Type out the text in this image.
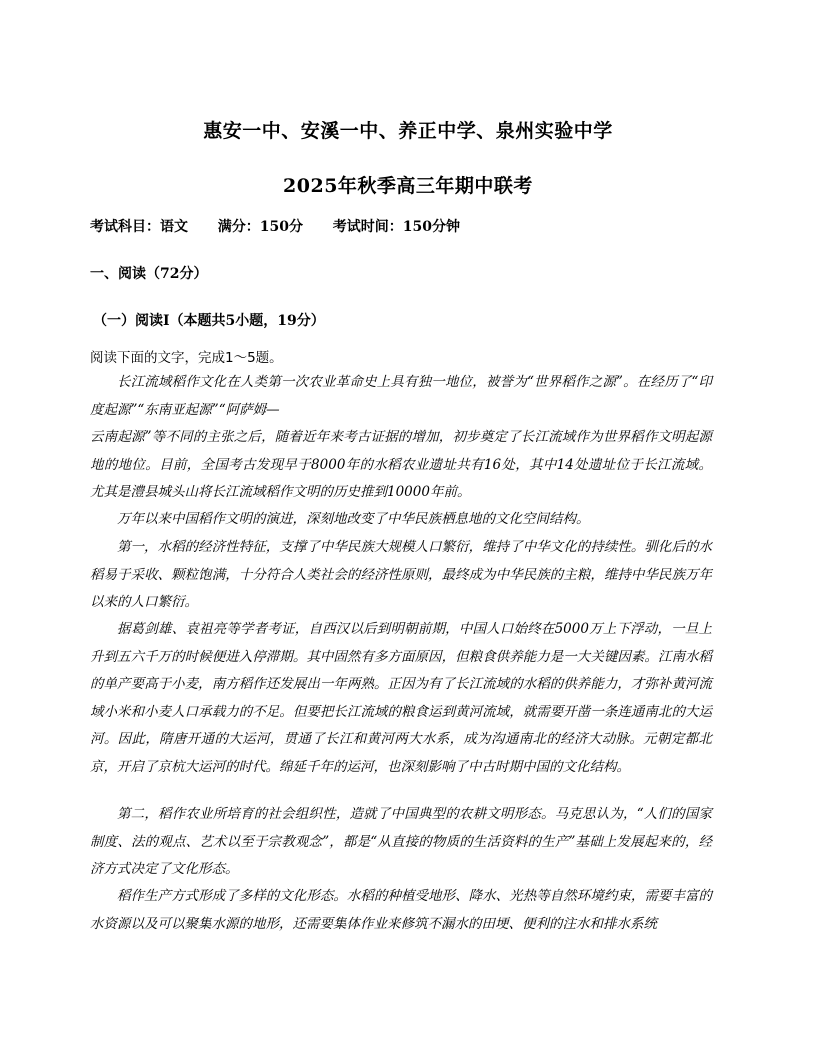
惠安一中、安溪一中、养正中学、泉州实验中学
2025年秋季高三年期中联考
考试科目：语文 满分：150分 考试时间：150分钟
一、阅读（72分）
（一）阅读I（本题共5小题，19分）
阅读下面的文字，完成1～5题。

长江流域稻作文化在人类第一次农业革命史上具有独一地位，被誉为“世界稻作之源”。在经历了“印度起源”“东南亚起源”“阿萨姆—

云南起源”等不同的主张之后，随着近年来考古证据的增加，初步奠定了长江流域作为世界稻作文明起源地的地位。目前，全国考古发现早于8000年的水稻农业遗址共有16处，其中14处遗址位于长江流域。尤其是澧县城头山将长江流域稻作文明的历史推到10000年前。

万年以来中国稻作文明的演进，深刻地改变了中华民族栖息地的文化空间结构。

第一，水稻的经济性特征，支撑了中华民族大规模人口繁衍，维持了中华文化的持续性。驯化后的水稻易于采收、颗粒饱满，十分符合人类社会的经济性原则，最终成为中华民族的主粮，维持中华民族万年以来的人口繁衍。

据葛剑雄、袁祖亮等学者考证，自西汉以后到明朝前期，中国人口始终在5000万上下浮动，一旦上升到五六千万的时候便进入停滞期。其中固然有多方面原因，但粮食供养能力是一大关键因素。江南水稻的单产要高于小麦，南方稻作还发展出一年两熟。正因为有了长江流域的水稻的供养能力，才弥补黄河流域小米和小麦人口承载力的不足。但要把长江流域的粮食运到黄河流域，就需要开凿一条连通南北的大运河。因此，隋唐开通的大运河，贯通了长江和黄河两大水系，成为沟通南北的经济大动脉。元朝定都北京，开启了京杭大运河的时代。绵延千年的运河，也深刻影响了中古时期中国的文化结构。

第二，稻作农业所培育的社会组织性，造就了中国典型的农耕文明形态。马克思认为，“人们的国家制度、法的观点、艺术以至于宗教观念”，都是“从直接的物质的生活资料的生产”基础上发展起来的，经济方式决定了文化形态。

稻作生产方式形成了多样的文化形态。水稻的种植受地形、降水、光热等自然环境约束，需要丰富的水资源以及可以聚集水源的地形，还需要集体作业来修筑不漏水的田埂、便利的注水和排水系统
